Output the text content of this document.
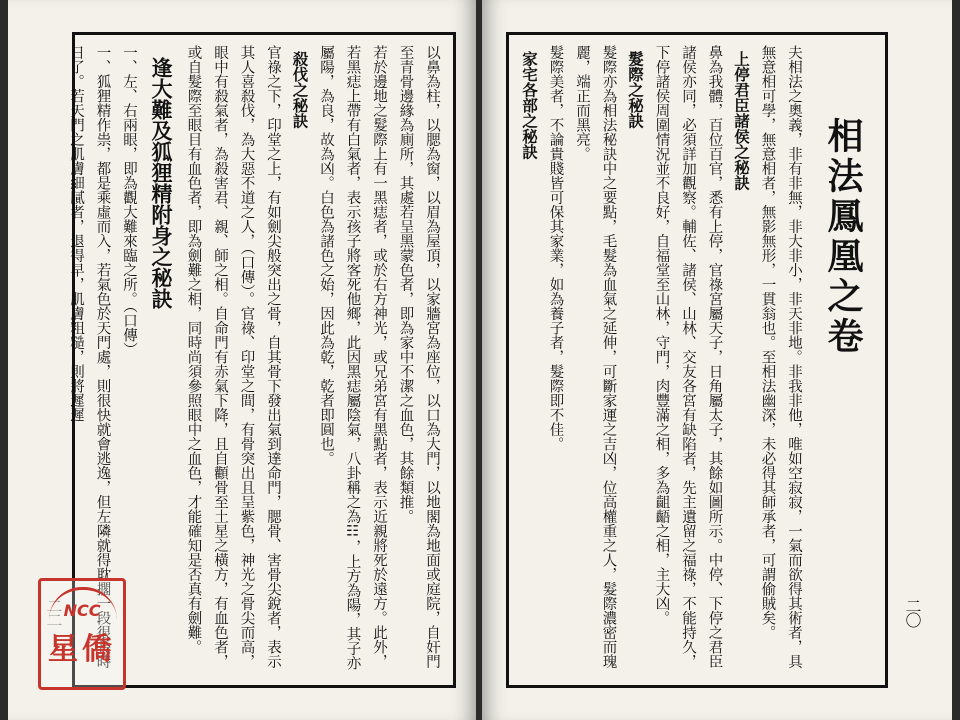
以鼻為柱，以腮為窗，以眉為屋頂，以家牆宮為座位，以口為大門，以地閣為地面或庭院，自奸門至青骨邊緣為廁所，其處若呈黑蒙色者，即為家中不潔之血色，其餘類推。

若於邊地之髮際上有一黑痣者，或於右方神光，或兄弟宮有黑點者，表示近親將死於遠方。此外，若黑痣上帶有白氣者，表示孩子將客死他鄉，此因黑痣屬陰氣，八卦稱之為☷，上方為陽，其子亦屬陽，為良，故為凶。白色為諸色之始，因此為乾，乾者即圓也。

殺伐之秘訣

官祿之下，印堂之上，有如劍尖般突出之骨，自其骨下發出氣到達命門，腮骨、害骨尖銳者，表示其人喜殺伐，為大惡不道之人，（口傳）。官祿、印堂之間，有骨突出且呈紫色，神光之骨尖而高，眼中有殺氣者，為殺害君、親、師之相。自命門有赤氣下降，且自顴骨至土星之橫方，有血色者，或自髮際至眼目有血色者，即為劍難之相，同時尚須參照眼中之血色，才能確知是否真有劍難。

逢大難及狐狸精附身之秘訣

一、左、右兩眼，即為觀大難來臨之所。（口傳）

一、狐狸精作祟，都是乘虛而入，若氣色於天門處，則很快就會逃逸，但左隣就得耽擱一段很長時日了。若天門之肌膚細膩者，退得早，肌膚粗糙，則將遲遲

二二 NCC
星僑

相法鳳凰之卷

夫相法之奧義，非有非無，非大非小，非天非地。非我非他，唯如空寂寂，一氣而欲得其術者，具無意相可學，無意相者，無影無形，一貫翁也。至相法幽深，未必得其師承者，可謂偷賊矣。

上停君臣諸侯之秘訣

鼻為我體，百位百官，悉有上停，官祿宮屬天子，日角屬太子，其餘如圖所示。中停、下停之君臣諸侯亦同，必須詳加觀察。輔佐、諸侯、山林、交友各宮有缺陷者，先主遺留之福祿，不能持久，下停諸侯周圍情況並不良好，自福堂至山林，守門，肉豐滿之相，多為齟齬之相，主大凶。

髮際之秘訣

髮際亦為相法秘訣中之要點，毛髮為血氣之延伸，可斷家運之吉凶，位高權重之人，髮際濃密而瑰麗，端正而黑亮。

髮際美者，不論貴賤皆可保其家業，如為養子者，髮際即不佳。

家宅各部之秘訣

二〇
